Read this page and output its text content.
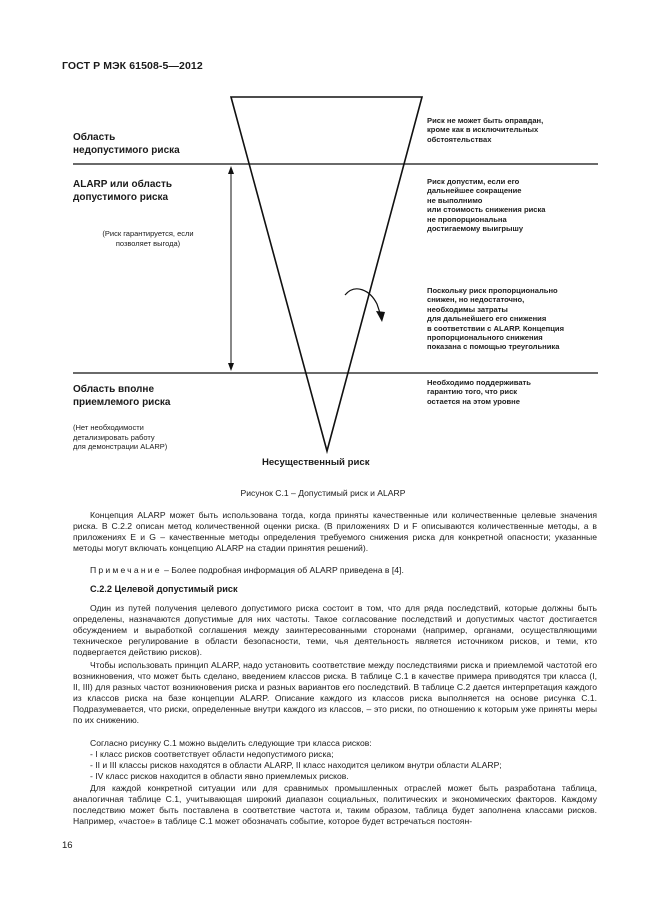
ГОСТ Р МЭК 61508-5—2012
Область
недопустимого риска
ALARP или область
допустимого риска
(Риск гарантируется, если
позволяет выгода)
Область вполне
приемлемого риска
(Нет необходимости
детализировать работу
для демонстрации ALARP)
Несущественный риск
Риск не может быть оправдан,
кроме как в исключительных
обстоятельствах
Риск допустим, если его
дальнейшее сокращение
не выполнимо
или стоимость снижения риска
не пропорциональна
достигаемому выигрышу
Поскольку риск пропорционально
снижен, но недостаточно,
необходимы затраты
для дальнейшего его снижения
в соответствии с ALARP. Концепция
пропорционального снижения
показана с помощью треугольника
Необходимо поддерживать
гарантию того, что риск
остается на этом уровне
Рисунок С.1 – Допустимый риск и ALARP
Концепция ALARP может быть использована тогда, когда приняты качественные или количественные целевые значения риска. В С.2.2 описан метод количественной оценки риска. (В приложениях D и F описываются количественные методы, а в приложениях Е и G – качественные методы определения требуемого снижения риска для конкретной опасности; указанные методы могут включать концепцию ALARP на стадии принятия решений).
Примечание – Более подробная информация об ALARP приведена в [4].
С.2.2 Целевой допустимый риск
Один из путей получения целевого допустимого риска состоит в том, что для ряда последствий, которые должны быть определены, назначаются допустимые для них частоты. Такое согласование последствий и допустимых частот достигается обсуждением и выработкой соглашения между заинтересованными сторонами (например, органами, осуществляющими техническое регулирование в области безопасности, теми, чья деятельность является источником рисков, и теми, кто подвергается действию рисков).
Чтобы использовать принцип ALARP, надо установить соответствие между последствиями риска и приемлемой частотой его возникновения, что может быть сделано, введением классов риска. В таблице С.1 в качестве примера приводятся три класса (I, II, III) для разных частот возникновения риска и разных вариантов его последствий. В таблице С.2 дается интерпретация каждого из классов риска на базе концепции ALARP. Описание каждого из классов риска выполняется на основе рисунка С.1. Подразумевается, что риски, определенные внутри каждого из классов, – это риски, по отношению к которым уже приняты меры по их снижению.
Согласно рисунку С.1 можно выделить следующие три класса рисков:
- I класс рисков соответствует области недопустимого риска;
- II и III классы рисков находятся в области ALARP, II класс находится целиком внутри области ALARP;
- IV класс рисков находится в области явно приемлемых рисков.
Для каждой конкретной ситуации или для сравнимых промышленных отраслей может быть разработана таблица, аналогичная таблице С.1, учитывающая широкий диапазон социальных, политических и экономических факторов. Каждому последствию может быть поставлена в соответствие частота и, таким образом, таблица будет заполнена классами рисков. Например, «частое» в таблице С.1 может обозначать событие, которое будет встречаться постоян-
16
